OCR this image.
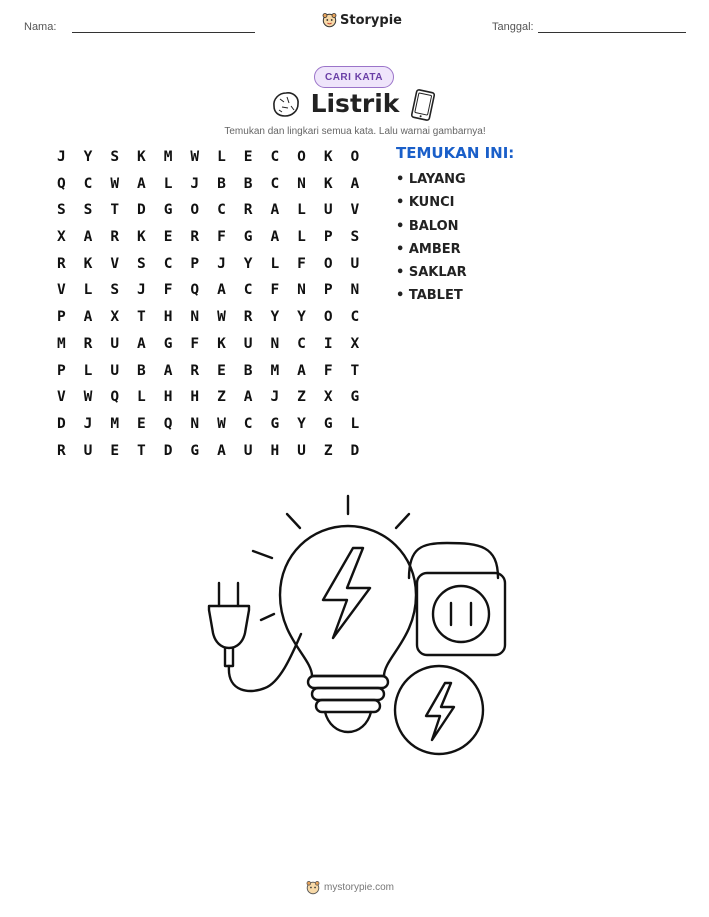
Nama:	Storypie	Tanggal:
CARI KATA
Listrik
Temukan dan lingkari semua kata. Lalu warnai gambarnya!
J	Y	S	K	M	W	L	E	C	O	K	O
Q	C	W	A	L	J	B	B	C	N	K	A
S	S	T	D	G	O	C	R	A	L	U	V
X	A	R	K	E	R	F	G	A	L	P	S
R	K	V	S	C	P	J	Y	L	F	O	U
V	L	S	J	F	Q	A	C	F	N	P	N
P	A	X	T	H	N	W	R	Y	Y	O	C
M	R	U	A	G	F	K	U	N	C	I	X
P	L	U	B	A	R	E	B	M	A	F	T
V	W	Q	L	H	H	Z	A	J	Z	X	G
D	J	M	E	Q	N	W	C	G	Y	G	L
R	U	E	T	D	G	A	U	H	U	Z	D
TEMUKAN INI:
• LAYANG
• KUNCI
• BALON
• AMBER
• SAKLAR
• TABLET
mystorypie.com
